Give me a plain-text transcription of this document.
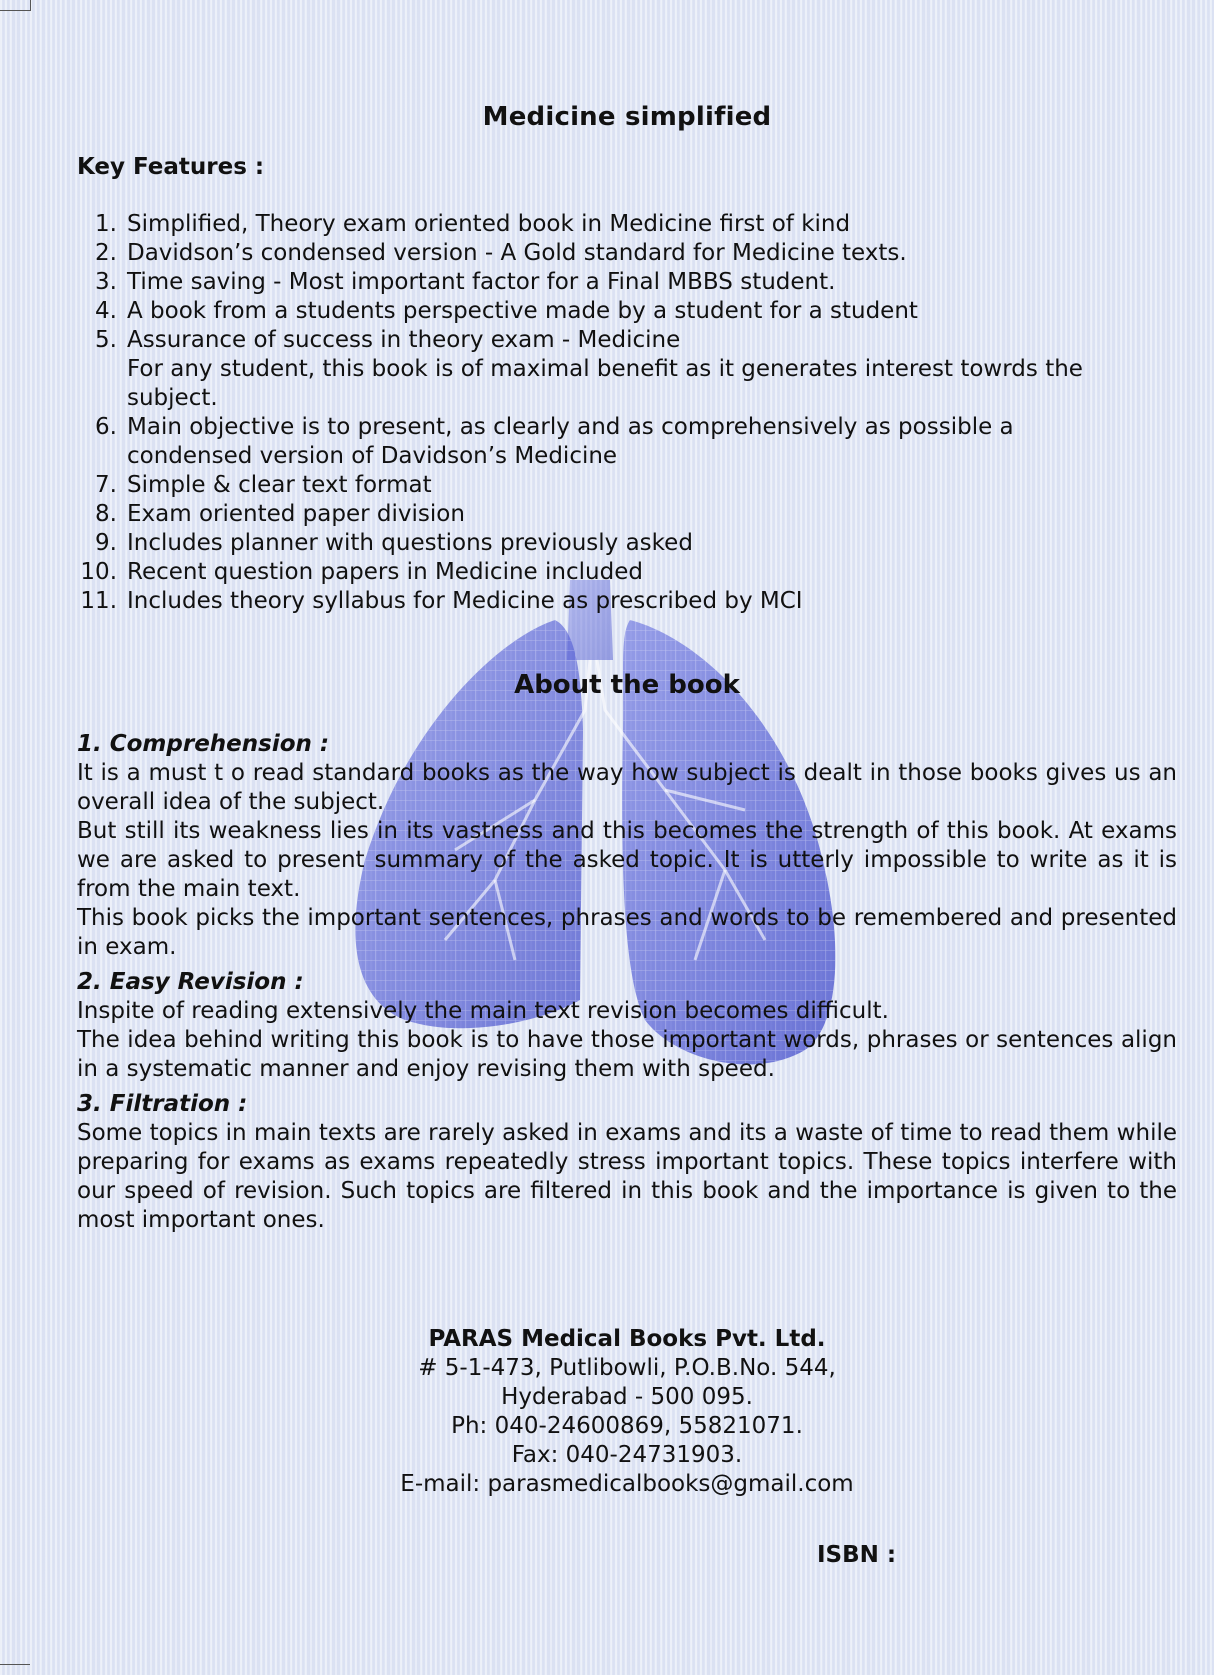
Medicine simplified

Key Features :

1. Simplified, Theory exam oriented book in Medicine first of kind
2. Davidson’s condensed version - A Gold standard for Medicine texts.
3. Time saving - Most important factor for a Final MBBS student.
4. A book from a students perspective made by a student for a student
5. Assurance of success in theory exam - Medicine
For any student, this book is of maximal benefit as it generates interest towrds the subject.
6. Main objective is to present, as clearly and as comprehensively as possible a condensed version of Davidson’s Medicine
7. Simple & clear text format
8. Exam oriented paper division
9. Includes planner with questions previously asked
10. Recent question papers in Medicine included
11. Includes theory syllabus for Medicine as prescribed by MCI
About the book

1. Comprehension :

It is a must t o read standard books as the way how subject is dealt in those books gives us an overall idea of the subject.

But still its weakness lies in its vastness and this becomes the strength of this book. At exams we are asked to present summary of the asked topic. It is utterly impossible to write as it is from the main text.

This book picks the important sentences, phrases and words to be remembered and presented in exam.

2. Easy Revision :

Inspite of reading extensively the main text revision becomes difficult.

The idea behind writing this book is to have those important words, phrases or sentences align in a systematic manner and enjoy revising them with speed.

3. Filtration :

Some topics in main texts are rarely asked in exams and its a waste of time to read them while preparing for exams as exams repeatedly stress important topics. These topics interfere with our speed of revision. Such topics are filtered in this book and the importance is given to the most important ones.

PARAS Medical Books Pvt. Ltd.
# 5-1-473, Putlibowli, P.O.B.No. 544,
Hyderabad - 500 095.
Ph: 040-24600869, 55821071.
Fax: 040-24731903.
E-mail: parasmedicalbooks@gmail.com
ISBN :
